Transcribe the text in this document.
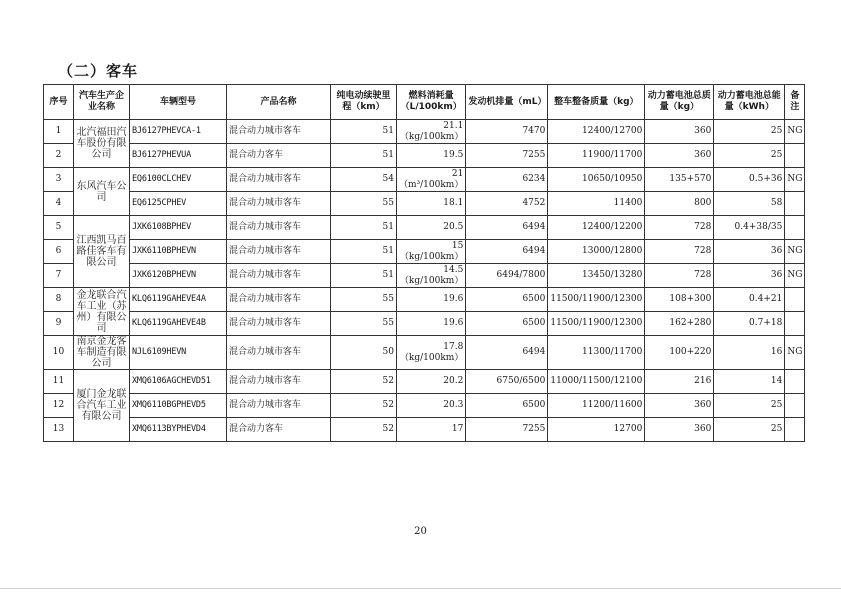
（二）客车
序号	汽车生产企业名称	车辆型号	产品名称	纯电动续驶里程（km）	燃料消耗量（L/100km）	发动机排量（mL）	整车整备质量（kg）	动力蓄电池总质量（kg）	动力蓄电池总能量（kWh）	备注
1	北汽福田汽车股份有限公司	BJ6127PHEVCA-1	混合动力城市客车	51	21.1（kg/100km）	7470	12400/12700	360	25	NG
2		BJ6127PHEVUA	混合动力客车	51	19.5	7255	11900/11700	360	25	
3	东风汽车公司	EQ6100CLCHEV	混合动力城市客车	54	21（m³/100km）	6234	10650/10950	135+570	0.5+36	NG
4		EQ6125CPHEV	混合动力城市客车	55	18.1	4752	11400	800	58	
5	江西凯马百路佳客车有限公司	JXK6108BPHEV	混合动力城市客车	51	20.5	6494	12400/12200	728	0.4+38/35	
6		JXK6110BPHEVN	混合动力城市客车	51	15（kg/100km）	6494	13000/12800	728	36	NG
7		JXK6120BPHEVN	混合动力城市客车	51	14.5（kg/100km）	6494/7800	13450/13280	728	36	NG
8	金龙联合汽车工业（苏州）有限公司	KLQ6119GAHEVE4A	混合动力城市客车	55	19.6	6500	11500/11900/12300	108+300	0.4+21	
9		KLQ6119GAHEVE4B	混合动力城市客车	55	19.6	6500	11500/11900/12300	162+280	0.7+18	
10	南京金龙客车制造有限公司	NJL6109HEVN	混合动力城市客车	50	17.8（kg/100km）	6494	11300/11700	100+220	16	NG
11	厦门金龙联合汽车工业有限公司	XMQ6106AGCHEVD51	混合动力城市客车	52	20.2	6750/6500	11000/11500/12100	216	14	
12		XMQ6110BGPHEVD5	混合动力城市客车	52	20.3	6500	11200/11600	360	25	
13		XMQ6113BYPHEVD4	混合动力客车	52	17	7255	12700	360	25	
20
